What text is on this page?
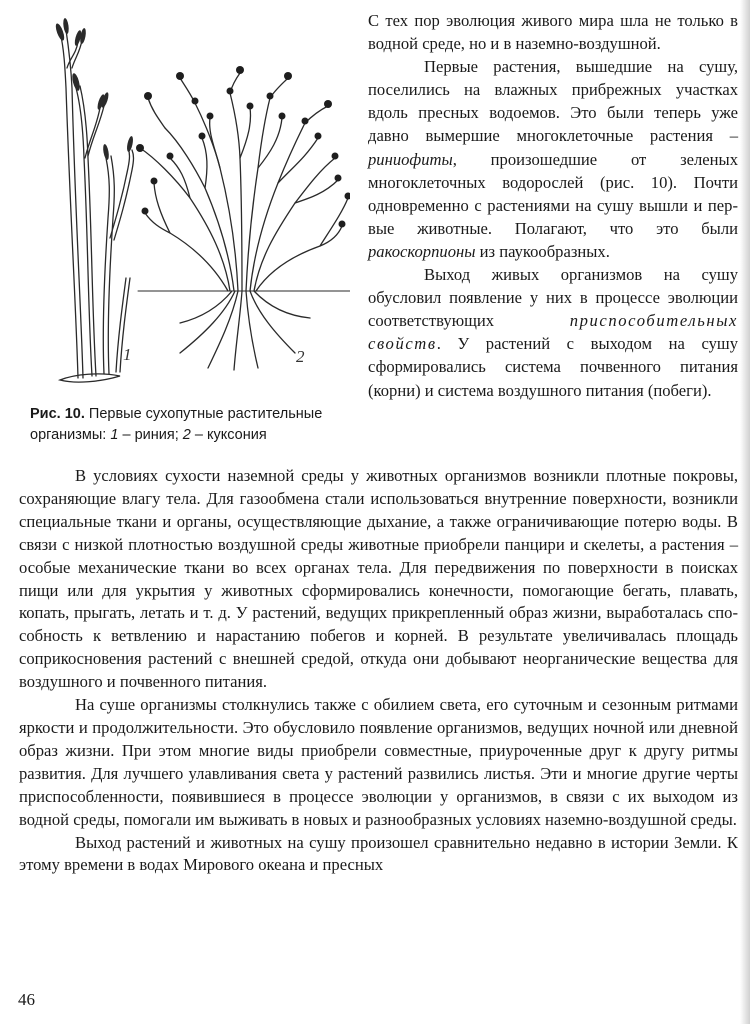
1	2
Рис. 10. Первые сухопутные растительные организмы: 1 – риния; 2 – куксония

С тех пор эволюция живого мира шла не только в водной среде, но и в наземно-воздушной.

Первые растения, вышедшие на сушу, поселились на влажных прибрежных участках вдоль пресных водоемов. Это были теперь уже давно вымершие многоклеточные растения – риниофиты, произошедшие от зеленых многоклеточных водорослей (рис. 10). Почти одновременно с растениями на сушу вышли и первые животные. Полагают, что это были ракоскорпионы из паукообразных.

Выход живых организмов на сушу обусловил появление у них в процессе эволюции соответствующих приспособительных свойств. У растений с выходом на сушу сформировались система почвенного питания (корни) и система воздушного питания (побеги).

В условиях сухости наземной среды у животных организмов возникли плотные покровы, сохраняющие влагу тела. Для газообмена стали использоваться внутренние поверхности, возникли специальные ткани и органы, осуществляющие дыхание, а также ограничивающие потерю воды. В связи с низкой плотностью воздушной среды животные приобрели панцири и скелеты, а растения – особые механические ткани во всех органах тела. Для передвижения по поверхности в поисках пищи или для укрытия у животных сформировались конечности, помогающие бегать, плавать, копать, прыгать, летать и т. д. У растений, ведущих прикрепленный образ жизни, выработалась способность к ветвлению и нарастанию побегов и корней. В результате увеличивалась площадь соприкосновения растений с внешней средой, откуда они добывают неорганические вещества для воздушного и почвенного питания.

На суше организмы столкнулись также с обилием света, его суточным и сезонным ритмами яркости и продолжительности. Это обусловило появление организмов, ведущих ночной или дневной образ жизни. При этом многие виды приобрели совместные, приуроченные друг к другу ритмы развития. Для лучшего улавливания света у растений развились листья. Эти и многие другие черты приспособленности, появившиеся в процессе эволюции у организмов, в связи с их выходом из водной среды, помогали им выживать в новых и разнообразных условиях наземно-воздушной среды.

Выход растений и животных на сушу произошел сравнительно недавно в истории Земли. К этому времени в водах Мирового океана и пресных

46
